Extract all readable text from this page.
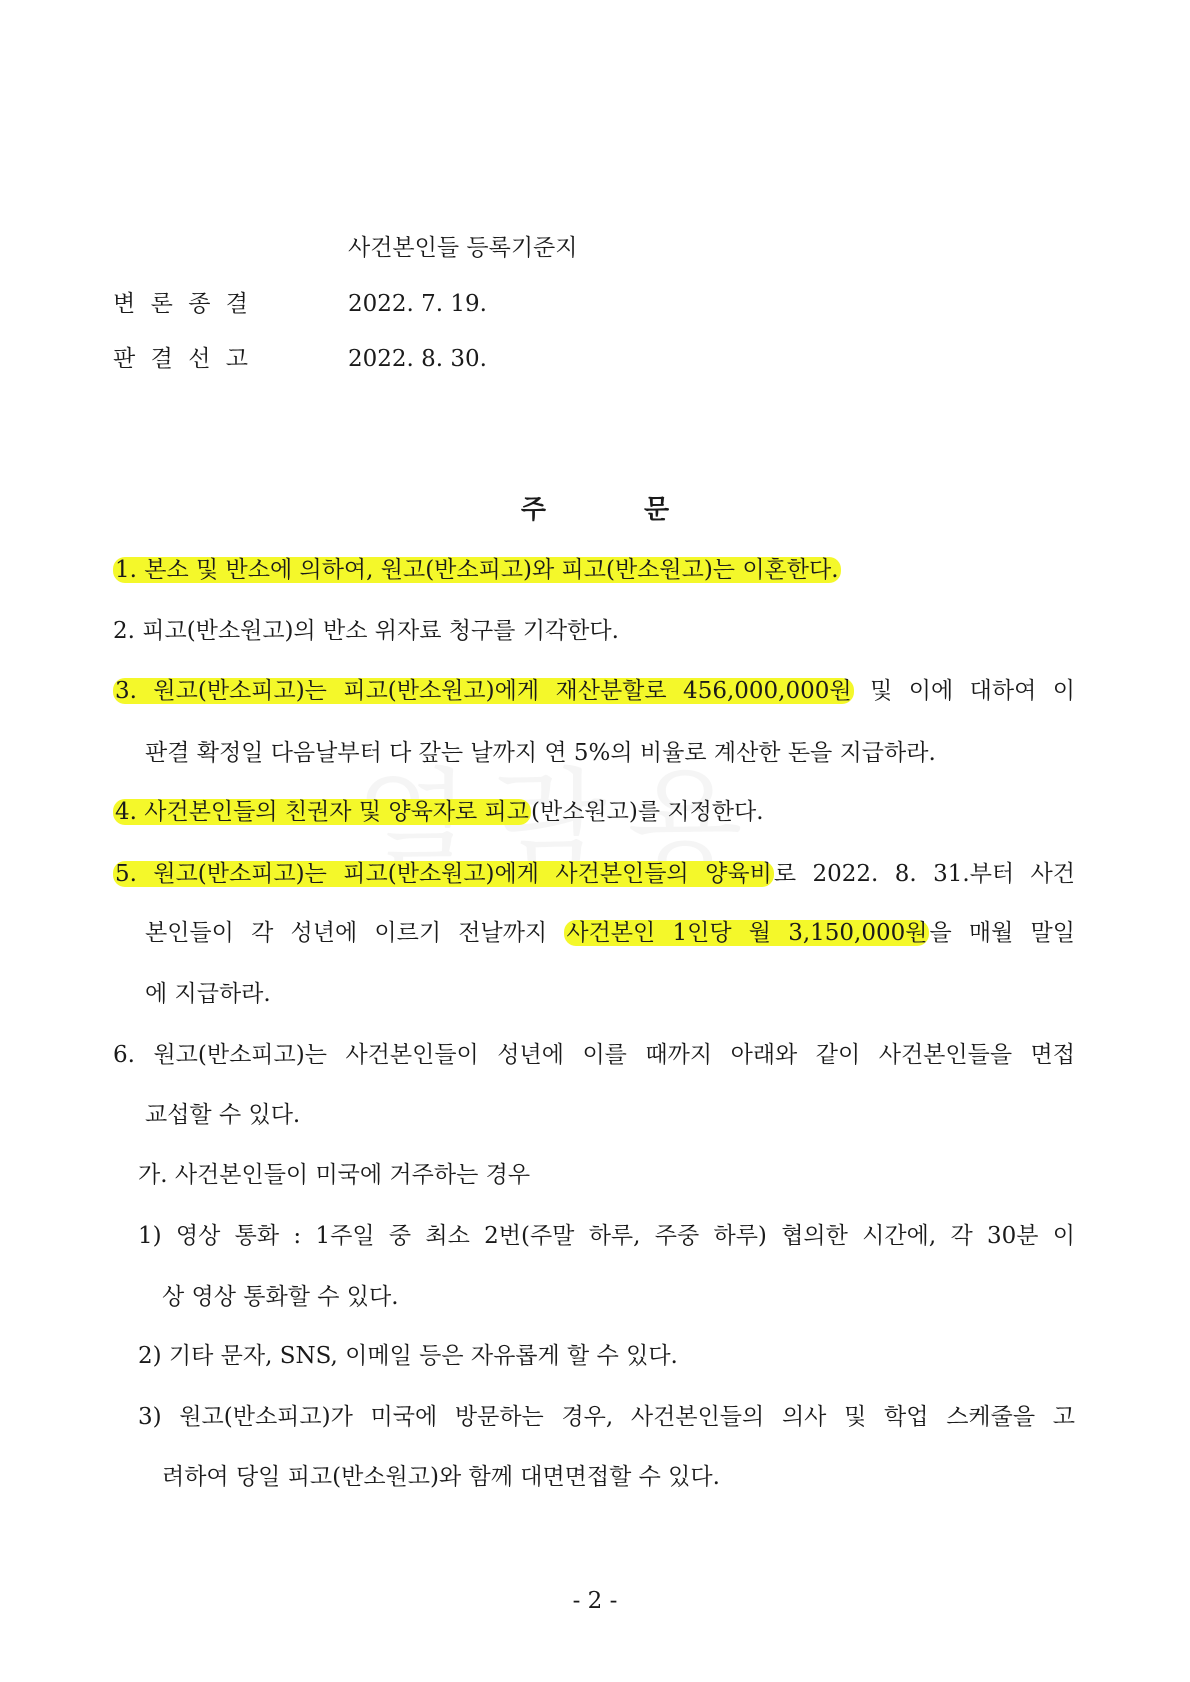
사건본인들 등록기준지
변 론 종 결	2022. 7. 19.
판 결 선 고	2022. 8. 30.
주	문
1. 본소 및 반소에 의하여, 원고(반소피고)와 피고(반소원고)는 이혼한다.
2. 피고(반소원고)의 반소 위자료 청구를 기각한다.
3. 원고(반소피고)는 피고(반소원고)에게 재산분할로 456,000,000원 및 이에 대하여 이
판결 확정일 다음날부터 다 갚는 날까지 연 5%의 비율로 계산한 돈을 지급하라.
4. 사건본인들의 친권자 및 양육자로 피고(반소원고)를 지정한다.
5. 원고(반소피고)는 피고(반소원고)에게 사건본인들의 양육비로 2022. 8. 31.부터 사건
본인들이 각 성년에 이르기 전날까지 사건본인 1인당 월 3,150,000원을 매월 말일
에 지급하라.
6. 원고(반소피고)는 사건본인들이 성년에 이를 때까지 아래와 같이 사건본인들을 면접
교섭할 수 있다.
가. 사건본인들이 미국에 거주하는 경우
1) 영상 통화 : 1주일 중 최소 2번(주말 하루, 주중 하루) 협의한 시간에, 각 30분 이
상 영상 통화할 수 있다.
2) 기타 문자, SNS, 이메일 등은 자유롭게 할 수 있다.
3) 원고(반소피고)가 미국에 방문하는 경우, 사건본인들의 의사 및 학업 스케줄을 고
려하여 당일 피고(반소원고)와 함께 대면면접할 수 있다.
- 2 -
